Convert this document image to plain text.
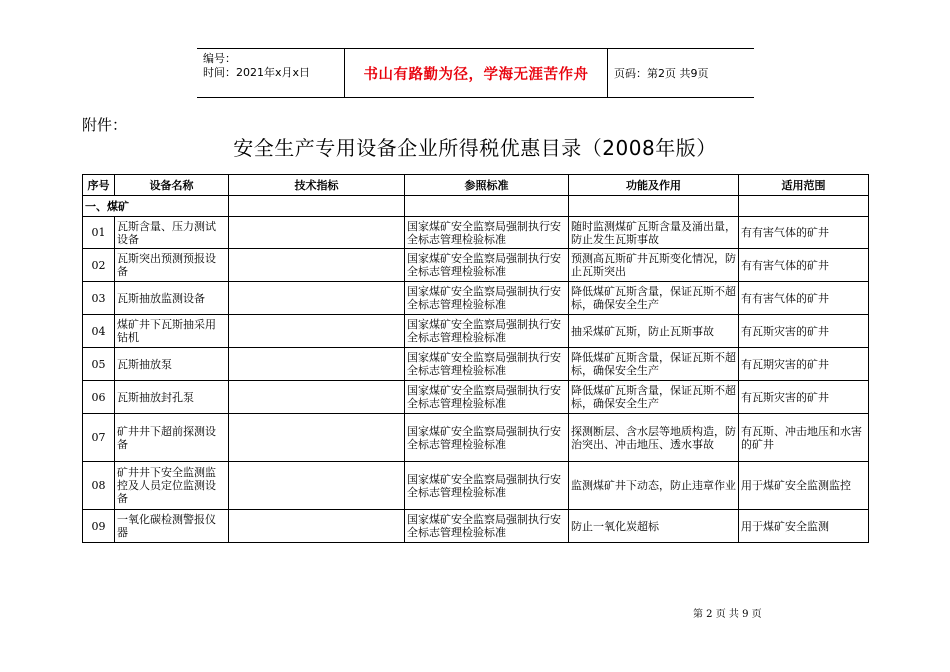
编号：
时间：2021年x月x日	书山有路勤为径，学海无涯苦作舟	页码：第2页 共9页
附件：
安全生产专用设备企业所得税优惠目录（2008年版）
序号	设备名称	技术指标	参照标准	功能及作用	适用范围
一、煤矿					
01	瓦斯含量、压力测试设备		国家煤矿安全监察局强制执行安全标志管理检验标准	随时监测煤矿瓦斯含量及涌出量，防止发生瓦斯事故	有有害气体的矿井
02	瓦斯突出预测预报设备		国家煤矿安全监察局强制执行安全标志管理检验标准	预测高瓦斯矿井瓦斯变化情况，防止瓦斯突出	有有害气体的矿井
03	瓦斯抽放监测设备		国家煤矿安全监察局强制执行安全标志管理检验标准	降低煤矿瓦斯含量，保证瓦斯不超标，确保安全生产	有有害气体的矿井
04	煤矿井下瓦斯抽采用钻机		国家煤矿安全监察局强制执行安全标志管理检验标准	抽采煤矿瓦斯，防止瓦斯事故	有瓦斯灾害的矿井
05	瓦斯抽放泵		国家煤矿安全监察局强制执行安全标志管理检验标准	降低煤矿瓦斯含量，保证瓦斯不超标，确保安全生产	有瓦期灾害的矿井
06	瓦斯抽放封孔泵		国家煤矿安全监察局强制执行安全标志管理检验标准	降低煤矿瓦斯含量，保证瓦斯不超标，确保安全生产	有瓦斯灾害的矿井
07	矿井井下超前探测设备		国家煤矿安全监察局强制执行安全标志管理检验标准	探测断层、含水层等地质构造，防治突出、冲击地压、透水事故	有瓦斯、冲击地压和水害的矿井
08	矿井井下安全监测监控及人员定位监测设备		国家煤矿安全监察局强制执行安全标志管理检验标准	监测煤矿井下动态，防止违章作业	用于煤矿安全监测监控
09	一氧化碳检测警报仪器		国家煤矿安全监察局强制执行安全标志管理检验标准	防止一氧化炭超标	用于煤矿安全监测
第 2 页 共 9 页
